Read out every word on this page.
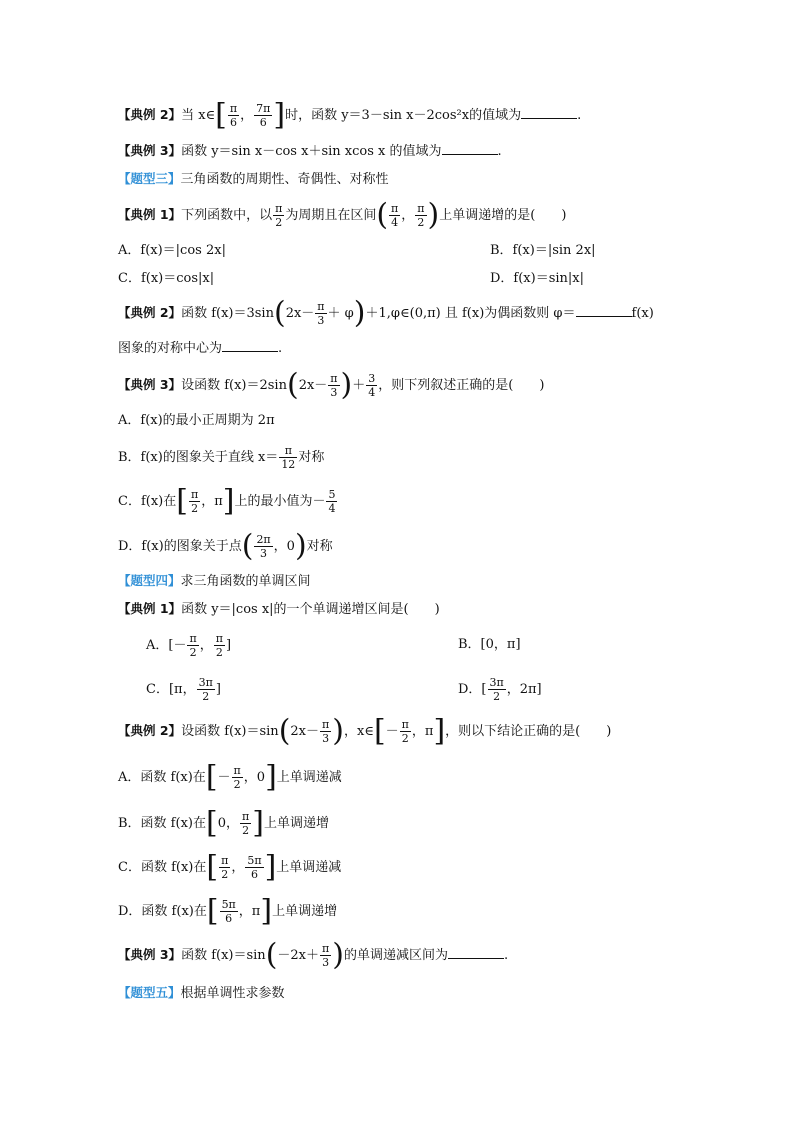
【典例 2】当 x∈[ $\frac{\pi}{6}$ ， $\frac{7\pi}{6}$ ]时，函数 y＝3－sin x－2cos²x的值域为	.
【典例 3】函数 y＝sin x－cos x＋sin xcos x 的值域为	.
【题型三】三角函数的周期性、奇偶性、对称性
【典例 1】下列函数中，以 $\frac{\pi}{2}$ 为周期且在区间( $\frac{\pi}{4}$ ， $\frac{\pi}{2}$ )上单调递增的是(　　)
A．f(x)＝|cos 2x|	B．f(x)＝|sin 2x|
C．f(x)＝cos|x|	D．f(x)＝sin|x|
【典例 2】函数 $f(x)=3\sin(2x- \frac{\pi}{3}$ ＋ φ)＋1,φ∈(0,π) 且 f(x)为偶函数则 φ＝	f(x)
图象的对称中心为	.
【典例 3】设函数 $f(x)=2\sin(2x- \frac{\pi}{3}$ )＋ $\frac{3}{4}$ ，则下列叙述正确的是(　　)
A．f(x)的最小正周期为 2π
B．f(x)的图象关于直线 $x= \frac{\pi}{12}$ 对称
C．f(x)在[ $\frac{\pi}{2}$ ，π]上的最小值为－ $\frac{5}{4}$
D．f(x)的图象关于点( $\frac{2\pi}{3}$ ，0)对称
【题型四】求三角函数的单调区间
【典例 1】函数 y＝|cos x|的一个单调递增区间是(　　)
A．[－ $\frac{\pi}{2}$ ， $\frac{\pi}{2}$ ]	B．[0，π]
C．[π， $\frac{3\pi}{2}$ ]	D．[ $\frac{3\pi}{2}$ ，2π]
【典例 2】设函数 $f(x)=\sin(2x- \frac{\pi}{3}$ )，x∈[－ $\frac{\pi}{2}$ ，π]，则以下结论正确的是(　　)
A．函数 f(x)在[－ $\frac{\pi}{2}$ ，0]上单调递减
B．函数 f(x)在[0， $\frac{\pi}{2}$ ]上单调递增
C．函数 f(x)在[ $\frac{\pi}{2}$ ， $\frac{5\pi}{6}$ ]上单调递减
D．函数 f(x)在[ $\frac{5\pi}{6}$ ，π]上单调递增
【典例 3】函数 $f(x)=\sin(-2x+ \frac{\pi}{3}$ )的单调递减区间为	.
【题型五】根据单调性求参数
